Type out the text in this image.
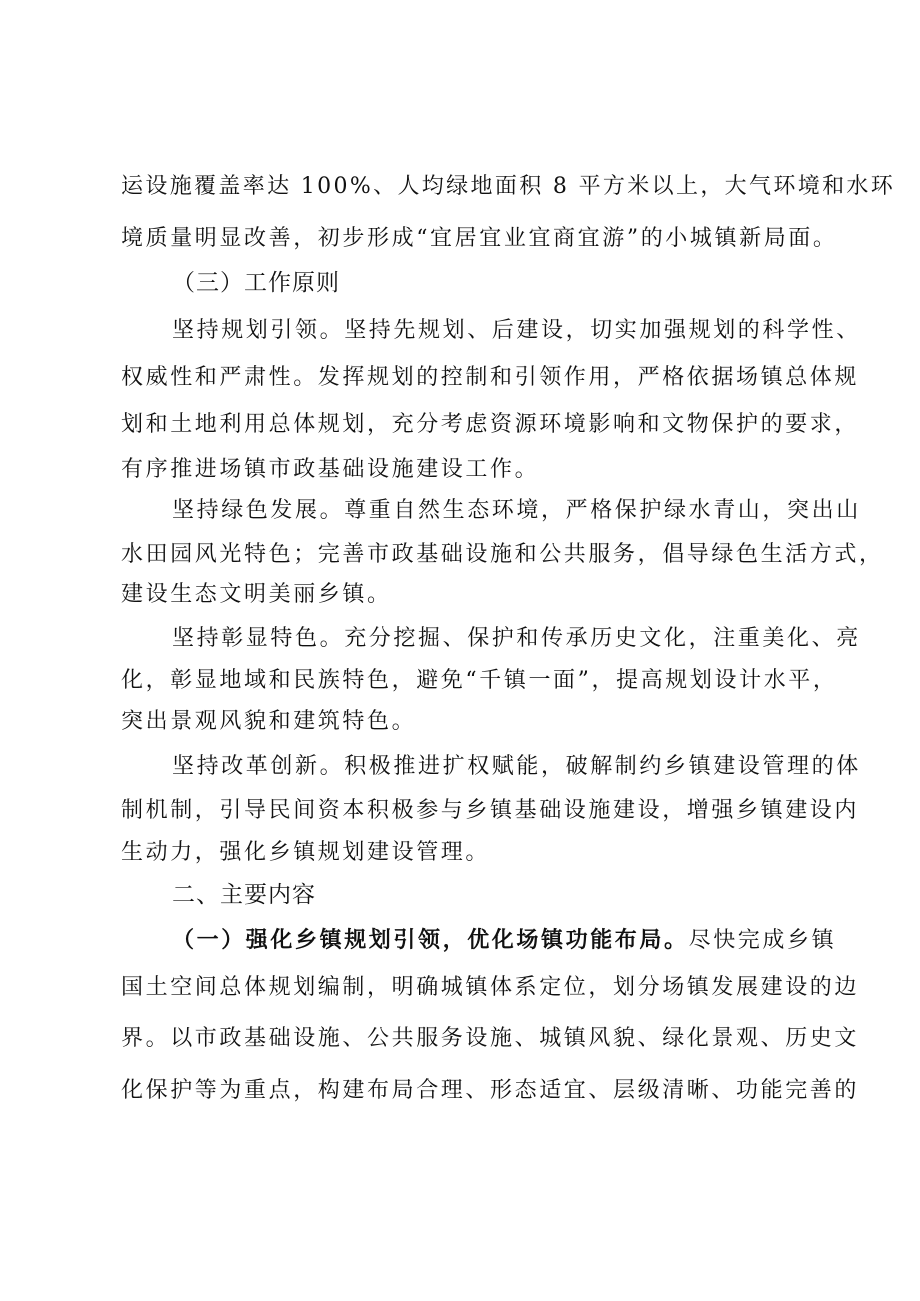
运设施覆盖率达 100%、人均绿地面积 8 平方米以上，大气环境和水环
境质量明显改善，初步形成“宜居宜业宜商宜游”的小城镇新局面。
（三）工作原则
坚持规划引领。坚持先规划、后建设，切实加强规划的科学性、
权威性和严肃性。发挥规划的控制和引领作用，严格依据场镇总体规
划和土地利用总体规划，充分考虑资源环境影响和文物保护的要求，
有序推进场镇市政基础设施建设工作。
坚持绿色发展。尊重自然生态环境，严格保护绿水青山，突出山
水田园风光特色；完善市政基础设施和公共服务，倡导绿色生活方式，
建设生态文明美丽乡镇。
坚持彰显特色。充分挖掘、保护和传承历史文化，注重美化、亮
化，彰显地域和民族特色，避免“千镇一面”，提高规划设计水平，
突出景观风貌和建筑特色。
坚持改革创新。积极推进扩权赋能，破解制约乡镇建设管理的体
制机制，引导民间资本积极参与乡镇基础设施建设，增强乡镇建设内
生动力，强化乡镇规划建设管理。
二、主要内容
（一）强化乡镇规划引领，优化场镇功能布局。尽快完成乡镇
国土空间总体规划编制，明确城镇体系定位，划分场镇发展建设的边
界。以市政基础设施、公共服务设施、城镇风貌、绿化景观、历史文
化保护等为重点，构建布局合理、形态适宜、层级清晰、功能完善的
